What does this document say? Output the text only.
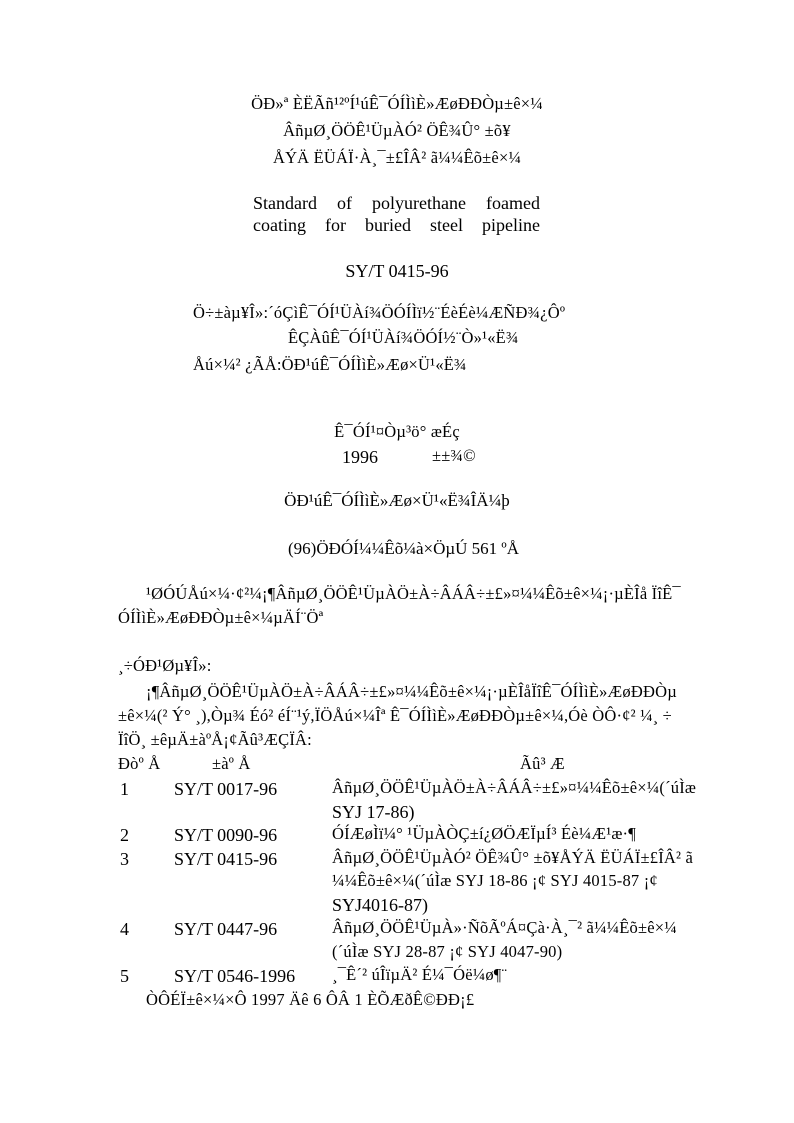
ÖÐ»ª ÈËÃñ¹²ºÍ¹úÊ¯ÓÍÌìÈ»ÆøÐÐÒµ±ê×¼
ÂñµØ¸ÖÖÊ¹ÜµÀÓ² ÖÊ¾Û° ±õ¥
ÅÝÄ ËÜÁÏ·À¸¯±£ÎÂ² ã¼¼Êõ±ê×¼
Standard of polyurethane foamed
coating for buried steel pipeline
SY/T 0415-96
Ö÷±àµ¥Î»:´óÇìÊ¯ÓÍ¹ÜÀí¾ÖÓÍÌï½¨ÉèÉè¼ÆÑÐ¾¿Ôº
ÊÇÀûÊ¯ÓÍ¹ÜÀí¾ÖÓÍ½¨Ò»¹«Ë¾
Åú×¼² ¿ÃÅ:ÖÐ¹úÊ¯ÓÍÌìÈ»Æø×Ü¹«Ë¾
Ê¯ÓÍ¹¤Òµ³ö° æÉç
1996	±±¾©
ÖÐ¹úÊ¯ÓÍÌìÈ»Æø×Ü¹«Ë¾ÎÄ¼þ
(96)ÖÐÓÍ¼¼Êõ¼à×ÖµÚ 561 ºÅ
¹ØÓÚÅú×¼·¢²¼¡¶ÂñµØ¸ÖÖÊ¹ÜµÀÖ±À÷ÂÁÂ÷±£»¤¼¼Êõ±ê×¼¡·µÈÎå ÏîÊ¯
ÓÍÌìÈ»ÆøÐÐÒµ±ê×¼µÄÍ¨Öª
¸÷ÓÐ¹Øµ¥Î»:
¡¶ÂñµØ¸ÖÖÊ¹ÜµÀÖ±À÷ÂÁÂ÷±£»¤¼¼Êõ±ê×¼¡·µÈÎåÏîÊ¯ÓÍÌìÈ»ÆøÐÐÒµ
±ê×¼(² Ý° ¸),Òµ¾ Éó² éÍ¨¹ý,ÏÖÅú×¼Îª Ê¯ÓÍÌìÈ»ÆøÐÐÒµ±ê×¼,Óè ÒÔ·¢² ¼¸ ÷
ÏîÖ¸ ±êµÄ±àºÅ¡¢Ãû³ÆÇÏÂ:
Ðòº Å	±àº Å	Ãû³ Æ
1	SY/T 0017-96	ÂñµØ¸ÖÖÊ¹ÜµÀÖ±À÷ÂÁÂ÷±£»¤¼¼Êõ±ê×¼(´úÌæ
SYJ 17-86)
2	SY/T 0090-96	ÓÍÆøÌï¼° ¹ÜµÀÒÇ±í¿ØÖÆÏµÍ³ Éè¼Æ¹æ·¶
3	SY/T 0415-96	ÂñµØ¸ÖÖÊ¹ÜµÀÓ² ÖÊ¾Û° ±õ¥ÅÝÄ ËÜÁÏ±£ÎÂ² ã
¼¼Êõ±ê×¼(´úÌæ SYJ 18-86 ¡¢ SYJ 4015-87 ¡¢
SYJ4016-87)
4	SY/T 0447-96	ÂñµØ¸ÖÖÊ¹ÜµÀ»·ÑõÃºÁ¤Çà·À¸¯² ã¼¼Êõ±ê×¼
(´úÌæ SYJ 28-87 ¡¢ SYJ 4047-90)
5	SY/T 0546-1996 ¸¯Ê´² úÎïµÄ² É¼¯Óë¼ø¶¨
ÒÔÉÏ±ê×¼×Ô 1997 Äê 6 ÔÂ 1 ÈÕÆðÊ©ÐÐ¡£
